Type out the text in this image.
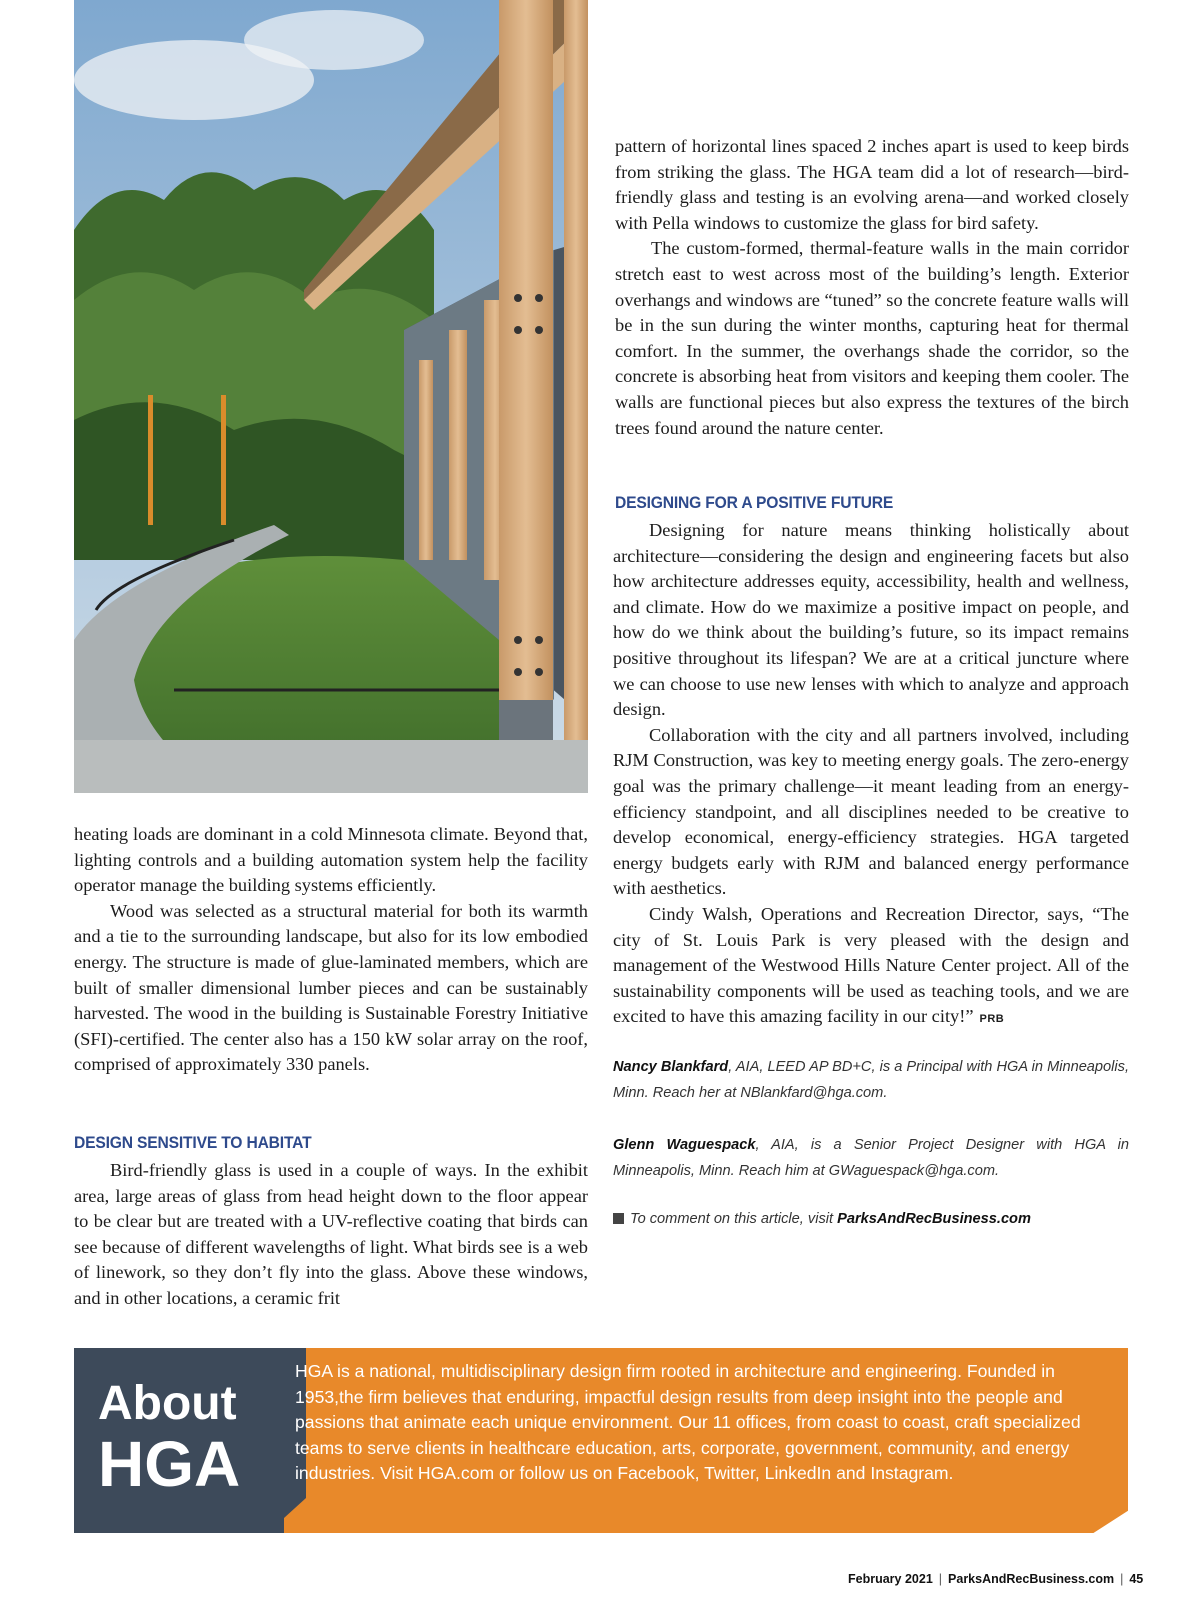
pattern of horizontal lines spaced 2 inches apart is used to keep birds from striking the glass. The HGA team did a lot of research—bird-friendly glass and testing is an evolving arena—and worked closely with Pella windows to customize the glass for bird safety.

The custom-formed, thermal-feature walls in the main corridor stretch east to west across most of the building’s length. Exterior overhangs and windows are “tuned” so the concrete feature walls will be in the sun during the winter months, capturing heat for thermal comfort. In the summer, the overhangs shade the corridor, so the concrete is absorbing heat from visitors and keeping them cooler. The walls are functional pieces but also express the textures of the birch trees found around the nature center.

DESIGNING FOR A POSITIVE FUTURE

Designing for nature means thinking holistically about architecture—considering the design and engineering facets but also how architecture addresses equity, accessibility, health and wellness, and climate. How do we maximize a positive impact on people, and how do we think about the building’s future, so its impact remains positive throughout its lifespan? We are at a critical juncture where we can choose to use new lenses with which to analyze and approach design.

Collaboration with the city and all partners involved, including RJM Construction, was key to meeting energy goals. The zero-energy goal was the primary challenge—it meant leading from an energy-efficiency standpoint, and all disciplines needed to be creative to develop economical, energy-efficiency strategies. HGA targeted energy budgets early with RJM and balanced energy performance with aesthetics.

Cindy Walsh, Operations and Recreation Director, says, “The city of St. Louis Park is very pleased with the design and management of the Westwood Hills Nature Center project. All of the sustainability components will be used as teaching tools, and we are excited to have this amazing facility in our city!” PRB

heating loads are dominant in a cold Minnesota climate. Beyond that, lighting controls and a building automation system help the facility operator manage the building systems efficiently.

Wood was selected as a structural material for both its warmth and a tie to the surrounding landscape, but also for its low embodied energy. The structure is made of glue-laminated members, which are built of smaller dimensional lumber pieces and can be sustainably harvested. The wood in the building is Sustainable Forestry Initiative (SFI)-certified. The center also has a 150 kW solar array on the roof, comprised of approximately 330 panels.

DESIGN SENSITIVE TO HABITAT

Bird-friendly glass is used in a couple of ways. In the exhibit area, large areas of glass from head height down to the floor appear to be clear but are treated with a UV-reflective coating that birds can see because of different wavelengths of light. What birds see is a web of linework, so they don’t fly into the glass. Above these windows, and in other locations, a ceramic frit

Nancy Blankfard, AIA, LEED AP BD+C, is a Principal with HGA in Minneapolis, Minn. Reach her at NBlankfard@hga.com.
Glenn Waguespack, AIA, is a Senior Project Designer with HGA in Minneapolis, Minn. Reach him at GWaguespack@hga.com.
To comment on this article, visit ParksAndRecBusiness.com
About
HGA
HGA is a national, multidisciplinary design firm rooted in architecture and engineering. Founded in 1953,the firm believes that enduring, impactful design results from deep insight into the people and passions that animate each unique environment. Our 11 offices, from coast to coast, craft specialized teams to serve clients in healthcare education, arts, corporate, government, community, and energy industries. Visit HGA.com or follow us on Facebook, Twitter, LinkedIn and Instagram.
February 2021 | ParksAndRecBusiness.com | 45
